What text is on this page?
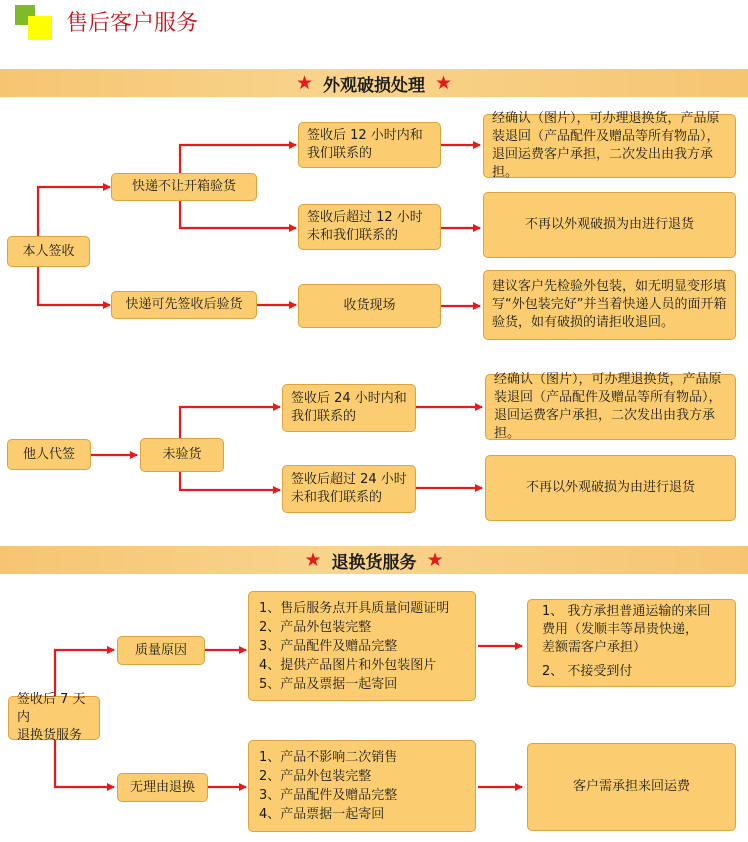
售后客户服务
★ 外观破损处理 ★
★ 退换货服务 ★
本人签收
快递不让开箱验货
快递可先签收后验货
签收后 12 小时内和
我们联系的
签收后超过 12 小时
未和我们联系的
收货现场
经确认（图片），可办理退换货，产品原装退回（产品配件及赠品等所有物品），退回运费客户承担，二次发出由我方承担。
不再以外观破损为由进行退货
建议客户先检验外包装，如无明显变形填写“外包装完好”并当着快递人员的面开箱验货，如有破损的请拒收退回。
他人代签	未验货
签收后 24 小时内和
我们联系的
签收后超过 24 小时
未和我们联系的
经确认（图片），可办理退换货，产品原装退回（产品配件及赠品等所有物品），退回运费客户承担，二次发出由我方承担。
不再以外观破损为由进行退货
签收后 7 天内
退换货服务
质量原因
无理由退换
1、售后服务点开具质量问题证明
2、产品外包装完整
3、产品配件及赠品完整
4、提供产品图片和外包装图片
5、产品及票据一起寄回
1、产品不影响二次销售
2、产品外包装完整
3、产品配件及赠品完整
4、产品票据一起寄回
1、 我方承担普通运输的来回
费用（发顺丰等昂贵快递，
差额需客户承担）
2、 不接受到付
客户需承担来回运费
